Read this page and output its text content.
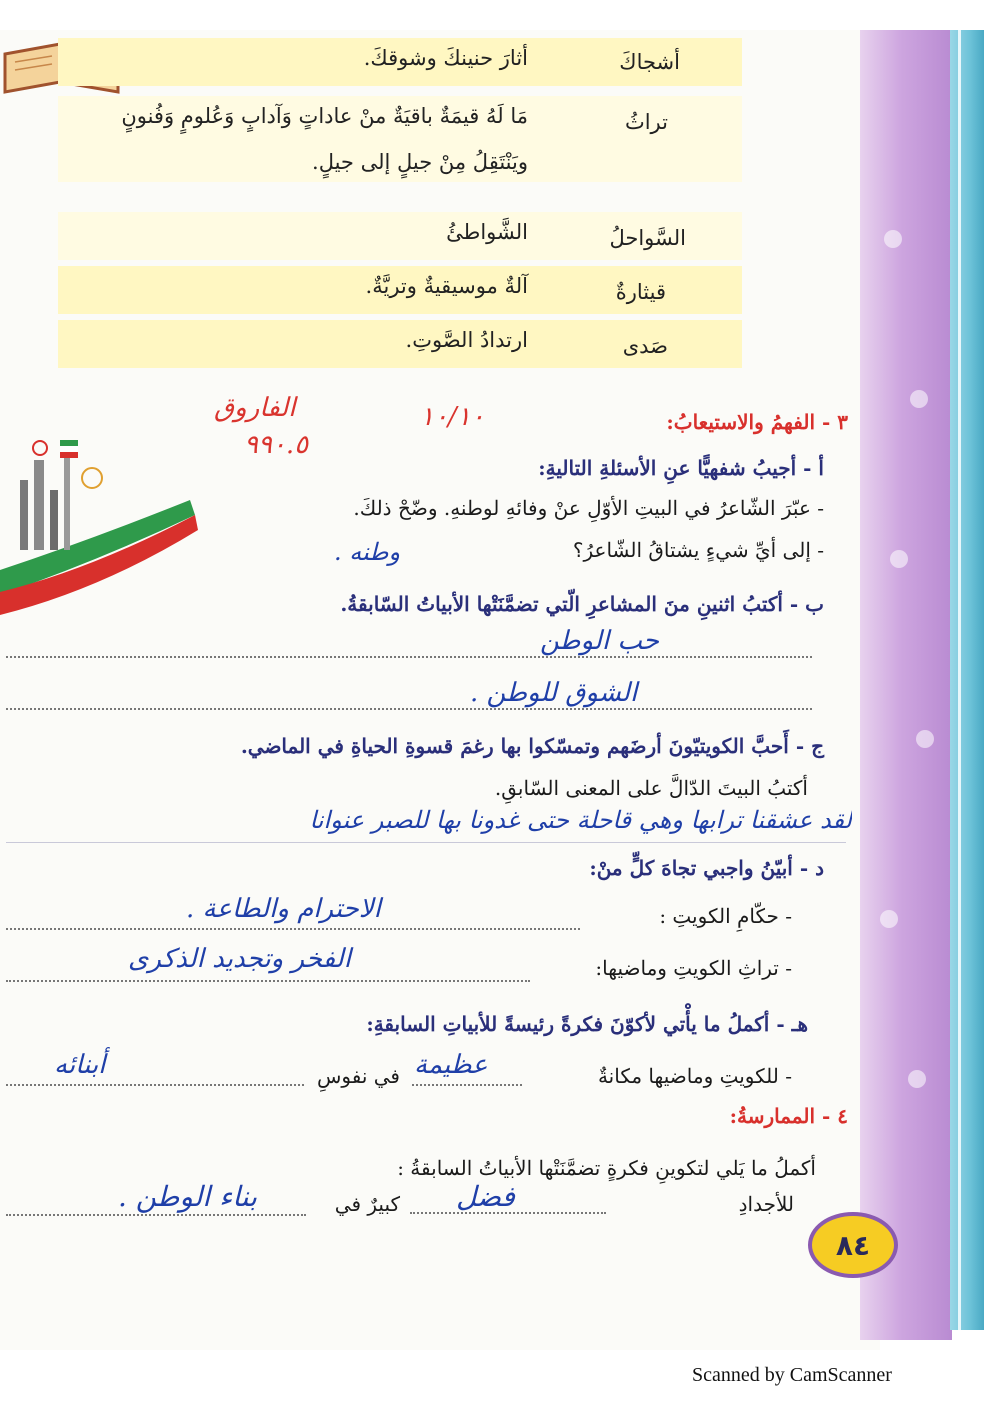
أشجاكَ
أثارَ حنينكَ وشوقكَ.
تراثُ
مَا لَهُ قيمَةٌ باقيَةٌ منْ عاداتٍ وَآدابٍ وَعُلومٍ وَفُنونٍ
ويَنْتَقِلُ مِنْ جيلٍ إلى جيلٍ.
السَّواحلُ
الشَّواطئُ
قيثارةٌ
آلةٌ موسيقيةٌ وتريَّةٌ.
صَدى
ارتدادُ الصَّوتِ.
٣ - الفهمُ والاستيعابُ:
الفاروق	١٠/١٠
٩٩٠.٥
أ - أجيبُ شفهيًّا عنِ الأسئلةِ التاليةِ:
- عبّرَ الشّاعرُ في البيتِ الأوّلِ عنْ وفائهِ لوطنهِ. وضّحْ ذلكَ.
- إلى أيِّ شيءٍ يشتاقُ الشّاعرُ؟
وطنه .
ب - أكتبُ اثنينِ منَ المشاعرِ الّتي تضمَّنَتْها الأبياتُ السّابقةُ.
حب الوطن
الشوق للوطن .
ج - أَحبَّ الكويتيّونَ أرضَهم وتمسّكوا بها رغمَ قسوةِ الحياةِ في الماضي.
أكتبُ البيتَ الدّالَّ على المعنى السّابقِ.
لقد عشقنا ترابها وهي قاحلة حتى غدونا بها للصبر عنوانا
د - أبيّنُ واجبي تجاهَ كلٍّ منْ:
- حكّامِ الكويتِ :
الاحترام والطاعة .
- تراثِ الكويتِ وماضيها:
الفخر وتجديد الذكرى
هـ - أكملُ ما يأْتي لأكوّنَ فكرةً رئيسةً للأبياتِ السابقةِ:
- للكويتِ وماضيها مكانةٌ
عظيمة
في نفوسِ
أبنائه
٤ - الممارسةُ:
أكملُ ما يَلي لتكوينِ فكرةٍ تضمَّنَتْها الأبياتُ السابقةُ :
للأجدادِ
فضل
كبيرٌ في
بناء الوطن .
٨٤
Scanned by CamScanner
